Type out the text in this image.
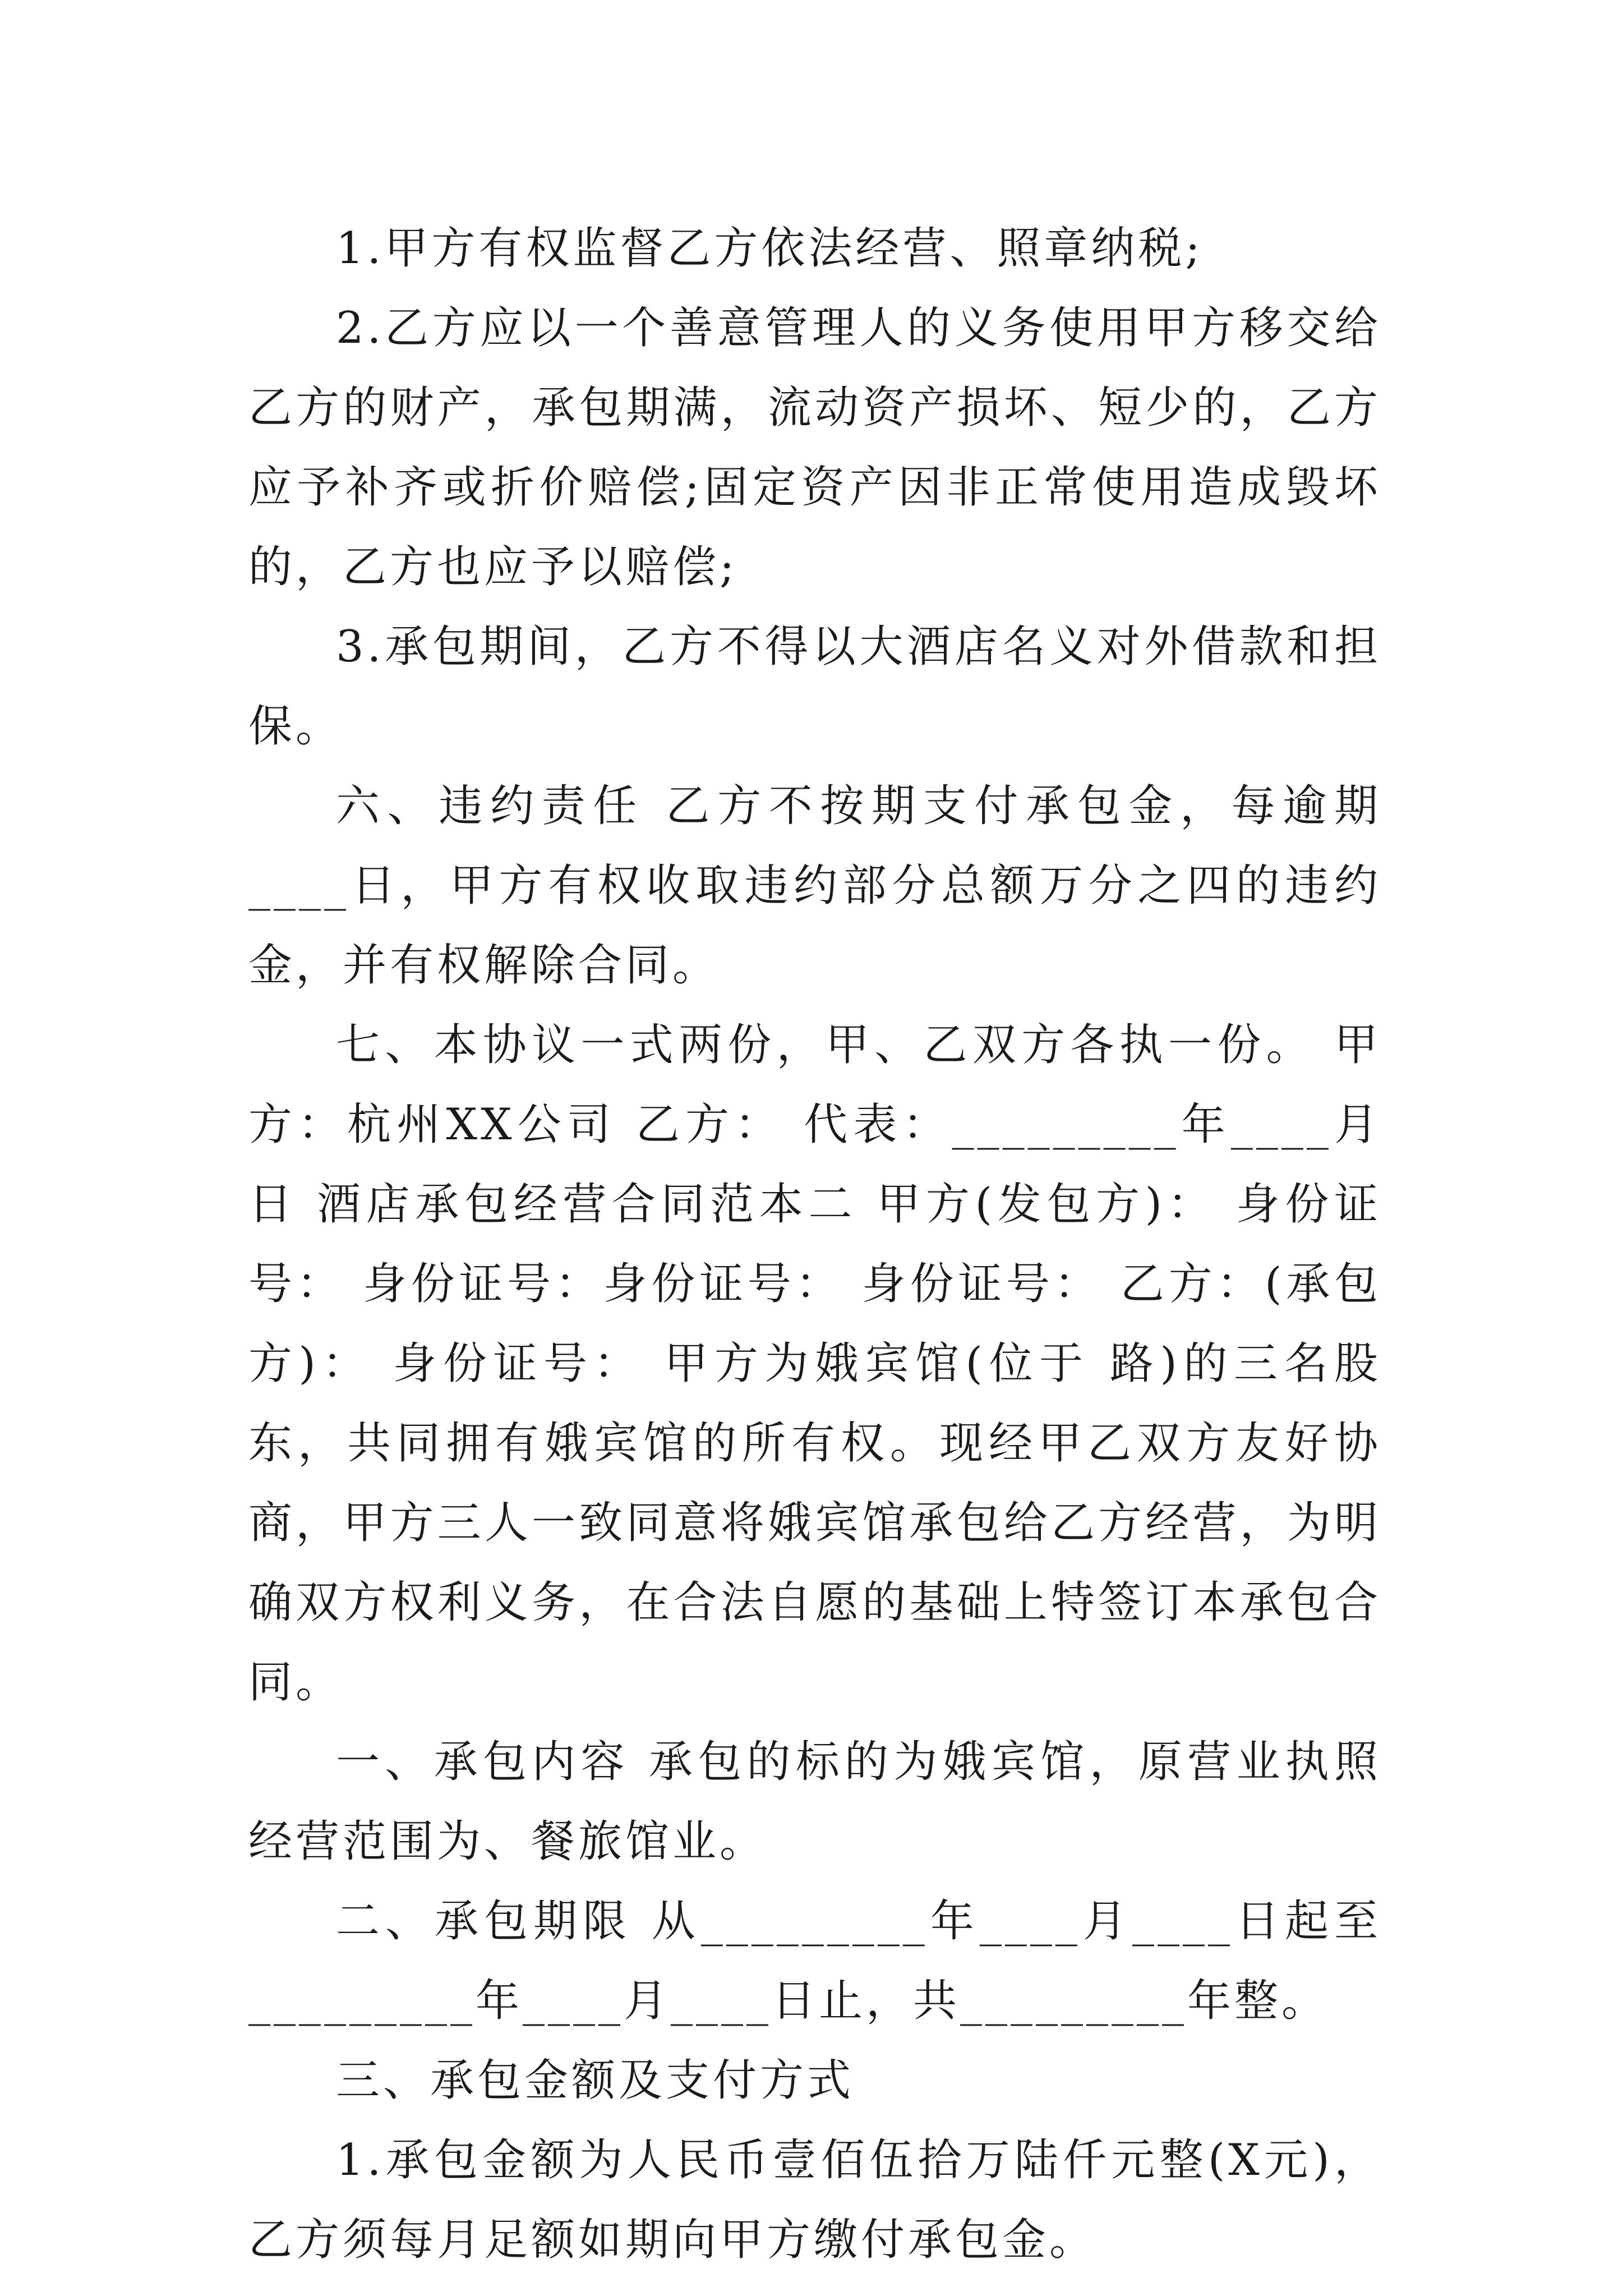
1.甲方有权监督乙方依法经营、照章纳税;

2.乙方应以一个善意管理人的义务使用甲方移交给乙方的财产，承包期满，流动资产损坏、短少的，乙方应予补齐或折价赔偿;固定资产因非正常使用造成毁坏的，乙方也应予以赔偿;

3.承包期间，乙方不得以大酒店名义对外借款和担保。

六、违约责任 乙方不按期支付承包金，每逾期____日，甲方有权收取违约部分总额万分之四的违约金，并有权解除合同。

七、本协议一式两份，甲、乙双方各执一份。 甲方：杭州XX公司 乙方： 代表：_________年____月日 酒店承包经营合同范本二 甲方(发包方)： 身份证号： 身份证号：身份证号： 身份证号： 乙方：(承包方)： 身份证号： 甲方为娥宾馆(位于 路)的三名股东，共同拥有娥宾馆的所有权。现经甲乙双方友好协商，甲方三人一致同意将娥宾馆承包给乙方经营，为明确双方权利义务，在合法自愿的基础上特签订本承包合同。

一、承包内容 承包的标的为娥宾馆，原营业执照经营范围为、餐旅馆业。

二、承包期限 从_________年____月____日起至_________年____月____日止，共_________年整。

三、承包金额及支付方式

1.承包金额为人民币壹佰伍拾万陆仟元整(X元)，乙方须每月足额如期向甲方缴付承包金。
